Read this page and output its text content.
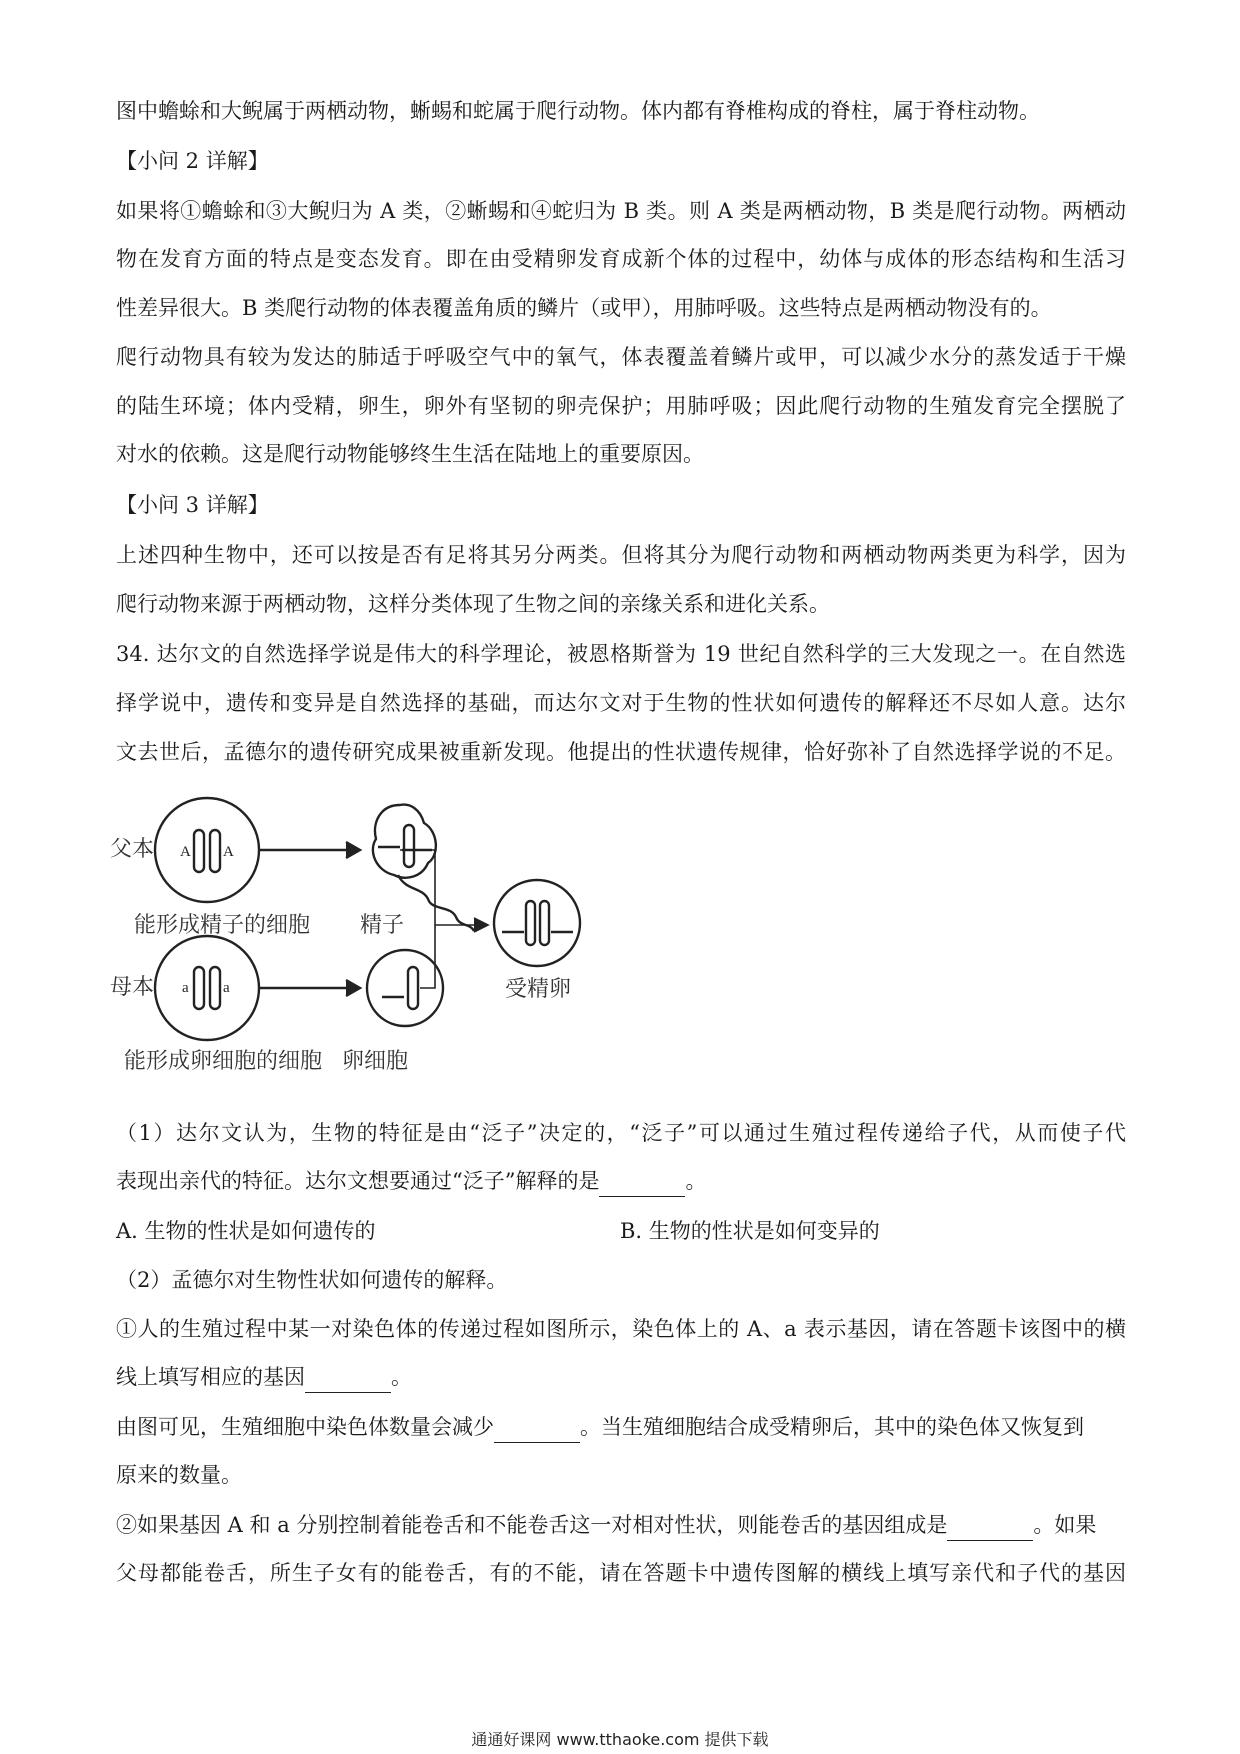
图中蟾蜍和大鲵属于两栖动物，蜥蜴和蛇属于爬行动物。体内都有脊椎构成的脊柱，属于脊柱动物。
【小问 2 详解】
如果将①蟾蜍和③大鲵归为 A 类，②蜥蜴和④蛇归为 B 类。则 A 类是两栖动物，B 类是爬行动物。两栖动
物在发育方面的特点是变态发育。即在由受精卵发育成新个体的过程中，幼体与成体的形态结构和生活习
性差异很大。B 类爬行动物的体表覆盖角质的鳞片（或甲），用肺呼吸。这些特点是两栖动物没有的。
爬行动物具有较为发达的肺适于呼吸空气中的氧气，体表覆盖着鳞片或甲，可以减少水分的蒸发适于干燥
的陆生环境；体内受精，卵生，卵外有坚韧的卵壳保护；用肺呼吸；因此爬行动物的生殖发育完全摆脱了
对水的依赖。这是爬行动物能够终生生活在陆地上的重要原因。
【小问 3 详解】
上述四种生物中，还可以按是否有足将其另分两类。但将其分为爬行动物和两栖动物两类更为科学，因为
爬行动物来源于两栖动物，这样分类体现了生物之间的亲缘关系和进化关系。
34. 达尔文的自然选择学说是伟大的科学理论，被恩格斯誉为 19 世纪自然科学的三大发现之一。在自然选
择学说中，遗传和变异是自然选择的基础，而达尔文对于生物的性状如何遗传的解释还不尽如人意。达尔
文去世后，孟德尔的遗传研究成果被重新发现。他提出的性状遗传规律，恰好弥补了自然选择学说的不足。
A A
a a
父本
母本
能形成精子的细胞 精子
能形成卵细胞的细胞 卵细胞
受精卵
（1）达尔文认为，生物的特征是由“泛子”决定的，“泛子”可以通过生殖过程传递给子代，从而使子代
表现出亲代的特征。达尔文想要通过“泛子”解释的是	。
A. 生物的性状是如何遗传的	B. 生物的性状是如何变异的
（2）孟德尔对生物性状如何遗传的解释。
①人的生殖过程中某一对染色体的传递过程如图所示，染色体上的 A、a 表示基因，请在答题卡该图中的横
线上填写相应的基因	。
由图可见，生殖细胞中染色体数量会减少	。当生殖细胞结合成受精卵后，其中的染色体又恢复到
原来的数量。
②如果基因 A 和 a 分别控制着能卷舌和不能卷舌这一对相对性状，则能卷舌的基因组成是	。如果
父母都能卷舌，所生子女有的能卷舌，有的不能，请在答题卡中遗传图解的横线上填写亲代和子代的基因
通通好课网 www.tthaoke.com 提供下载
